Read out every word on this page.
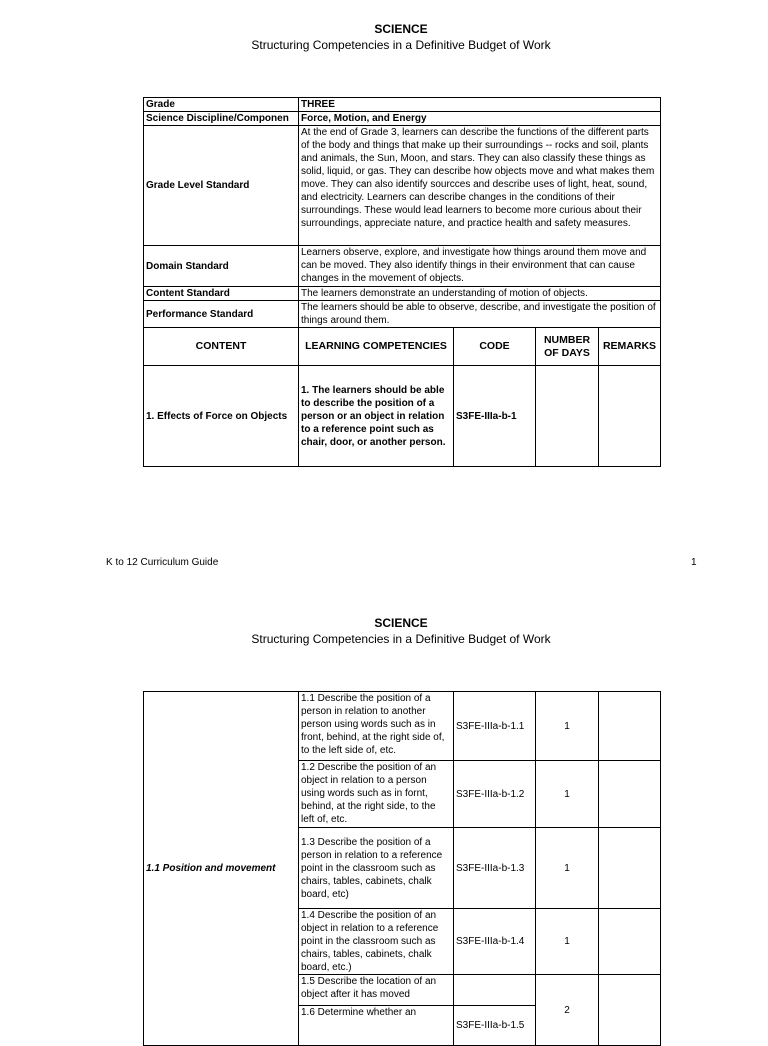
SCIENCE
Structuring Competencies in a Definitive Budget of Work
Grade	THREE			
Science Discipline/Componen	Force, Motion, and Energy			
Grade Level Standard	At the end of Grade 3, learners can describe the functions of the different parts of the body and things that make up their surroundings -- rocks and soil, plants and animals, the Sun, Moon, and stars. They can also classify these things as solid, liquid, or gas. They can describe how objects move and what makes them move. They can also identify sourcces and describe uses of light, heat, sound, and electricity. Learners can describe changes in the conditions of their surroundings. These would lead learners to become more curious about their surroundings, appreciate nature, and practice health and safety measures.			
Domain Standard	Learners observe, explore, and investigate how things around them move and can be moved. They also identify things in their environment that can cause changes in the movement of objects.			
Content Standard	The learners demonstrate an understanding of motion of objects.			
Performance Standard	The learners should be able to observe, describe, and investigate the position of things around them.			
CONTENT	LEARNING COMPETENCIES	CODE	NUMBER OF DAYS	REMARKS
1. Effects of Force on Objects	1. The learners should be able to describe the position of a person or an object in relation to a reference point such as chair, door, or another person.	S3FE-IIIa-b-1		
K to 12 Curriculum Guide	1
SCIENCE
Structuring Competencies in a Definitive Budget of Work
1.1 Position and movement	1.1 Describe the position of a person in relation to another person using words such as in front, behind, at the right side of, to the left side of, etc.	S3FE-IIIa-b-1.1	1	
	1.2 Describe the position of an object in relation to a person using words such as in fornt, behind, at the right side, to the left of, etc.	S3FE-IIIa-b-1.2	1	
	1.3 Describe the position of a person in relation to a reference point in the classroom such as chairs, tables, cabinets, chalk board, etc)	S3FE-IIIa-b-1.3	1	
	1.4 Describe the position of an object in relation to a reference point in the classroom such as chairs, tables, cabinets, chalk board, etc.)	S3FE-IIIa-b-1.4	1	
	1.5 Describe the location of an object after it has moved		2	
	1.6 Determine whether an	S3FE-IIIa-b-1.5		
